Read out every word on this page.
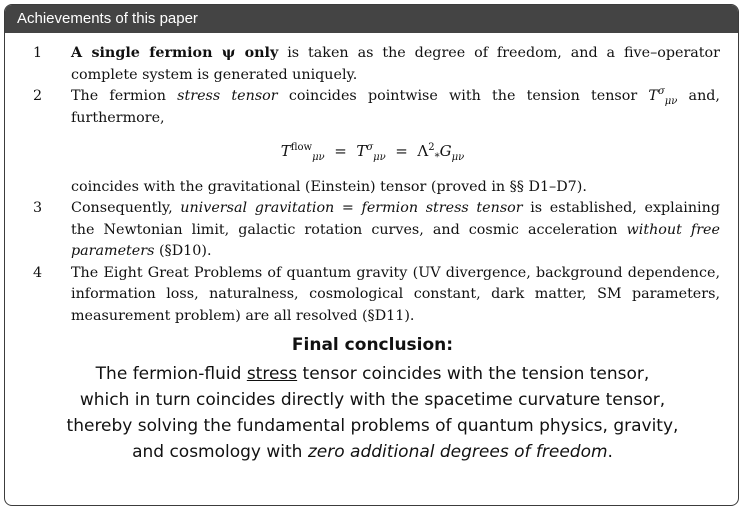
Achievements of this paper
1	A single fermion ψ only is taken as the degree of freedom, and a five–operator complete system is generated uniquely.
2	The fermion stress tensor coincides pointwise with the tension tensor $T^\sigma_{\mu\nu}$ and, furthermore,
$T^{flow}_{\mu\nu} = T^\sigma_{\mu\nu} = \Lambda^2_*G_{\mu\nu}$
coincides with the gravitational (Einstein) tensor (proved in §§ D1–D7).
3	Consequently, universal gravitation = fermion stress tensor is established, explaining the Newtonian limit, galactic rotation curves, and cosmic acceleration without free parameters (§D10).
4	The Eight Great Problems of quantum gravity (UV divergence, background dependence, information loss, naturalness, cosmological constant, dark matter, SM parameters, measurement problem) are all resolved (§D11).
Final conclusion:
The fermion-fluid stress tensor coincides with the tension tensor,
which in turn coincides directly with the spacetime curvature tensor,
thereby solving the fundamental problems of quantum physics, gravity,
and cosmology with zero additional degrees of freedom.
